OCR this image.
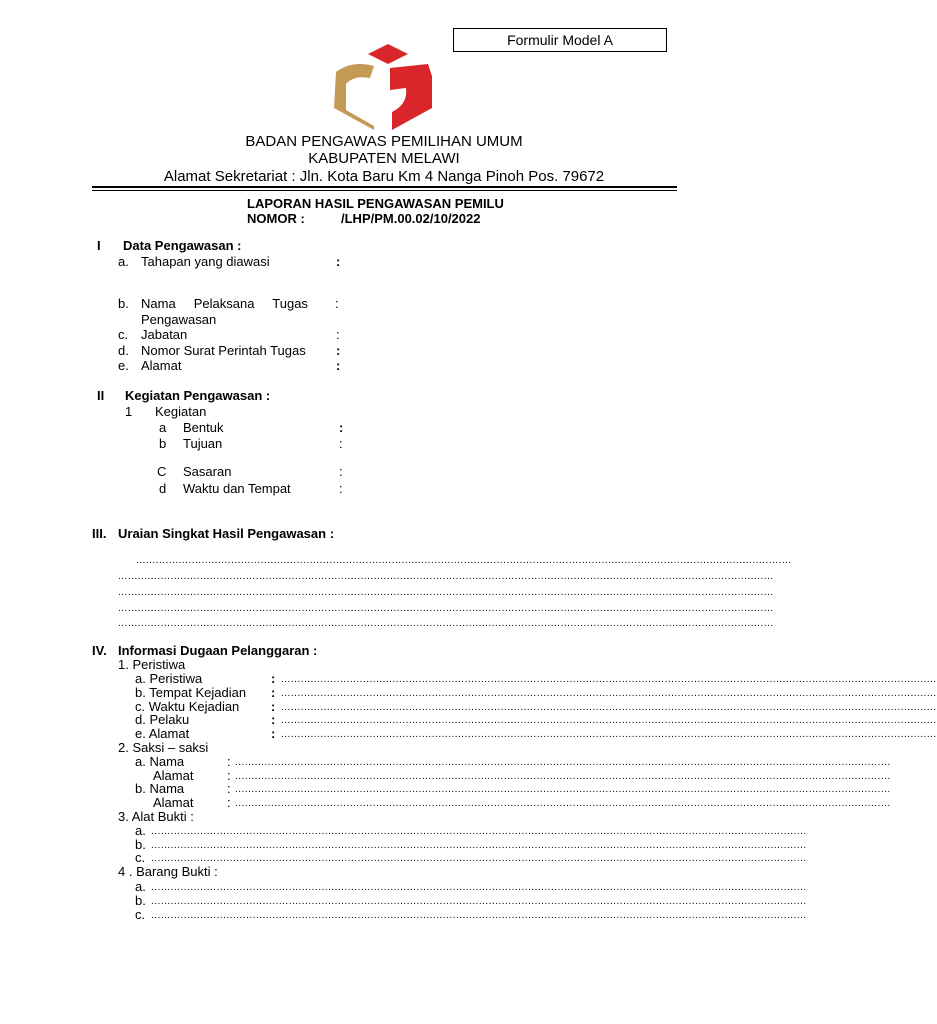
Formulir Model A
BADAN PENGAWAS PEMILIHAN UMUM
KABUPATEN MELAWI
Alamat Sekretariat : Jln. Kota Baru Km 4 Nanga Pinoh Pos. 79672
LAPORAN HASIL PENGAWASAN PEMILU
NOMOR :	/LHP/PM.00.02/10/2022
I Data Pengawasan :
a. Tahapan yang diawasi	:
b. Nama     Pelaksana     Tugas
Pengawasan
:
c. Jabatan	:
d. Nomor Surat Perintah Tugas :
e. Alamat	:
II Kegiatan Pengawasan :
1 Kegiatan
a Bentuk	:
b Tujuan	:
C Sasaran	:
d Waktu dan Tempat	:
III. Uraian Singkat Hasil Pengawasan :
........................................................................................................................................................................................................
........................................................................................................................................................................................................
........................................................................................................................................................................................................
........................................................................................................................................................................................................
........................................................................................................................................................................................................
IV. Informasi Dugaan Pelanggaran :
1. Peristiwa
a. Peristiwa	: ........................................................................................................................................................................................................
b. Tempat Kejadian : ........................................................................................................................................................................................................
c. Waktu Kejadian : ........................................................................................................................................................................................................
d. Pelaku	: ........................................................................................................................................................................................................
e. Alamat	: ........................................................................................................................................................................................................
2. Saksi – saksi
a. Nama	: ........................................................................................................................................................................................................
Alamat	: ........................................................................................................................................................................................................
b. Nama	: ........................................................................................................................................................................................................
Alamat	: ........................................................................................................................................................................................................
3. Alat Bukti :
a. ........................................................................................................................................................................................................
b. ........................................................................................................................................................................................................
c. ........................................................................................................................................................................................................
4 . Barang Bukti :
a. ........................................................................................................................................................................................................
b. ........................................................................................................................................................................................................
c. ........................................................................................................................................................................................................
